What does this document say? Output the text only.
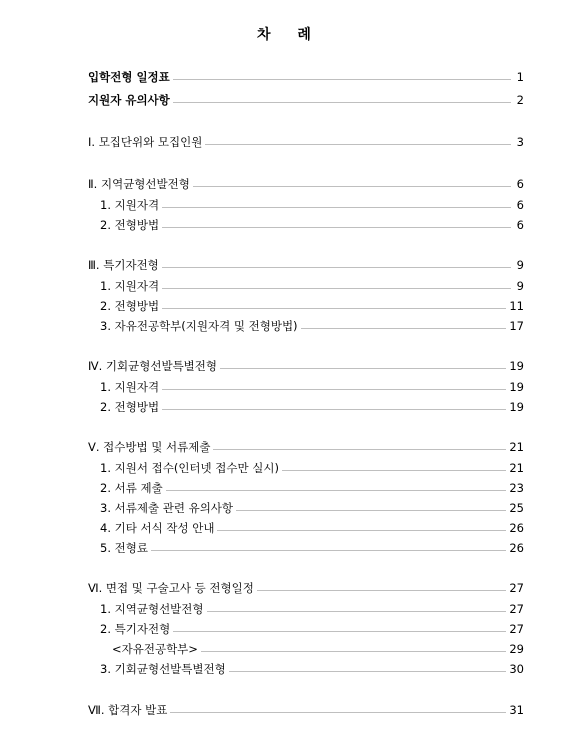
차 례
입학전형 일정표	1
지원자 유의사항	2
Ⅰ. 모집단위와 모집인원	3
Ⅱ. 지역균형선발전형	6
1. 지원자격	6
2. 전형방법	6
Ⅲ. 특기자전형	9
1. 지원자격	9
2. 전형방법	11
3. 자유전공학부(지원자격 및 전형방법)	17
Ⅳ. 기회균형선발특별전형	19
1. 지원자격	19
2. 전형방법	19
Ⅴ. 접수방법 및 서류제출	21
1. 지원서 접수(인터넷 접수만 실시)	21
2. 서류 제출	23
3. 서류제출 관련 유의사항	25
4. 기타 서식 작성 안내	26
5. 전형료	26
Ⅵ. 면접 및 구술고사 등 전형일정	27
1. 지역균형선발전형	27
2. 특기자전형	27
<자유전공학부>	29
3. 기회균형선발특별전형	30
Ⅶ. 합격자 발표	31
